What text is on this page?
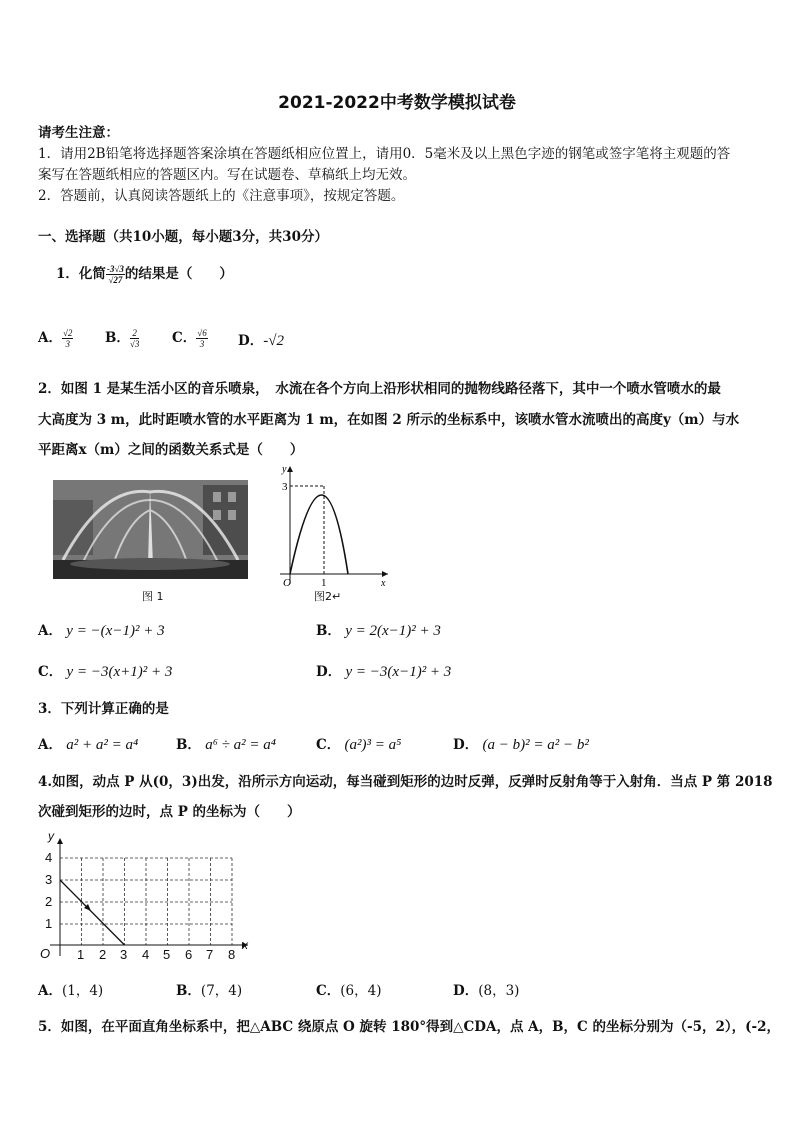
2021-2022中考数学模拟试卷
请考生注意：
1．请用2B铅笔将选择题答案涂填在答题纸相应位置上，请用0．5毫米及以上黑色字迹的钢笔或签字笔将主观题的答
案写在答题纸相应的答题区内。写在试题卷、草稿纸上均无效。
2．答题前，认真阅读答题纸上的《注意事项》，按规定答题。
一、选择题（共10小题，每小题3分，共30分）
1．化简 $\frac{-3√3}{√27}$ 的结果是（　　）
A． $\frac{√2}{3}$ B． $\frac{2}{√3}$ C． $\frac{√6}{3}$ D．-√2
2．如图 1 是某生活小区的音乐喷泉，　水流在各个方向上沿形状相同的抛物线路径落下，其中一个喷水管喷水的最
大高度为 3 m，此时距喷水管的水平距离为 1 m，在如图 2 所示的坐标系中，该喷水管水流喷出的高度y（m）与水
平距离x（m）之间的函数关系式是（　　）
图 1
y
x
O
3
1
图2↵
A． y = −(x−1)² + 3	B． y = 2(x−1)² + 3
C． y = −3(x+1)² + 3	D． y = −3(x−1)² + 3
3．下列计算正确的是
A． a² + a² = a⁴	B． a⁶ ÷ a² = a⁴	C． (a²)³ = a⁵	D． (a − b)² = a² − b²
4.如图，动点 P 从(0，3)出发，沿所示方向运动，每当碰到矩形的边时反弹，反弹时反射角等于入射角．当点 P 第 2018
次碰到矩形的边时，点 P 的坐标为（　　）
y
x
O 1 2 3 4 5 6 7 8
1
2
3
4
A．(1，4)	B．(7，4)	C．(6，4)	D．(8，3)
5．如图，在平面直角坐标系中，把△ABC 绕原点 O 旋转 180°得到△CDA，点 A，B，C 的坐标分别为（-5，2），(-2，
